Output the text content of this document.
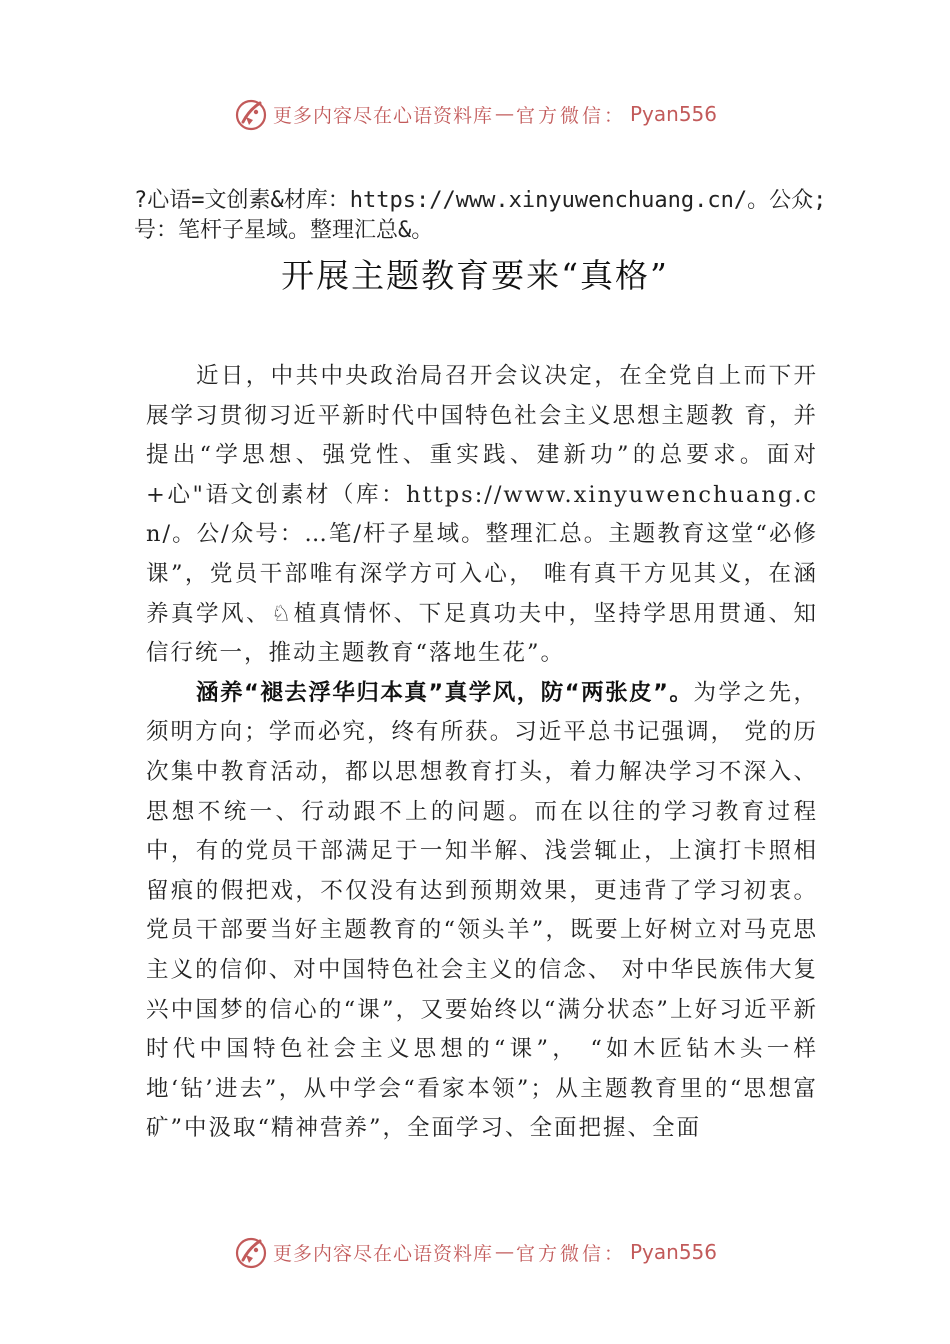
更多内容尽在心语资料库 — 官方微信： Pyan556
?心语=文创素&材库：https://www.xinyuwenchuang.cn/。公众;
号：笔杆子星域。整理汇总&。
开展主题教育要来“真格”

近日，中共中央政治局召开会议决定，在全党自上而下开展学习贯彻习近平新时代中国特色社会主义思想主题教 育，并提出“学思想、强党性、重实践、建新功”的总要求。面对+心"语文创素材（库：https://www.xinyuwenchuang.cn/。公/众号：…笔/杆子星域。整理汇总。主题教育这堂“必修课”，党员干部唯有深学方可入心， 唯有真干方见其义，在涵养真学风、♘植真情怀、下足真功夫中，坚持学思用贯通、知信行统一，推动主题教育“落地生花”。

涵养“褪去浮华归本真”真学风，防“两张皮”。为学之先，须明方向；学而必究，终有所获。习近平总书记强调， 党的历次集中教育活动，都以思想教育打头，着力解决学习不深入、思想不统一、行动跟不上的问题。而在以往的学习教育过程中，有的党员干部满足于一知半解、浅尝辄止，上演打卡照相留痕的假把戏，不仅没有达到预期效果，更违背了学习初衷。党员干部要当好主题教育的“领头羊”，既要上好树立对马克思主义的信仰、对中国特色社会主义的信念、 对中华民族伟大复兴中国梦的信心的“课”，又要始终以“满分状态”上好习近平新时代中国特色社会主义思想的“课”， “如木匠钻木头一样地‘钻’进去”，从中学会“看家本领”；从主题教育里的“思想富矿”中汲取“精神营养”，全面学习、全面把握、全面

更多内容尽在心语资料库 — 官方微信： Pyan556
